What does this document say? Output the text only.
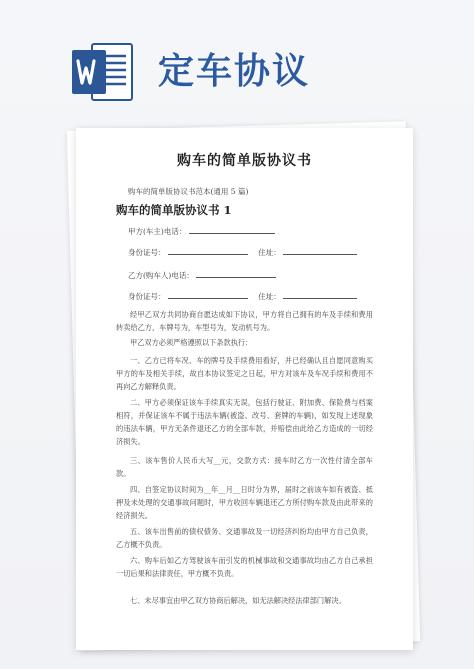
定车协议
购车的简单版协议书
购车的简单版协议书范本(通用 5 篇)
购车的简单版协议书 1
甲方(车主)电话：
身份证号：	住址：
乙方(购车人)电话：
身份证号：	住址：
经甲乙双方共同协商自愿达成如下协议，甲方将自己拥有的车及手续和费用转卖给乙方，车牌号为，车型号为，发动机号为。
甲乙双方必须严格遵照以下条款执行：
一、乙方已将车况、车的牌号及手续费用看好，并已经确认且自愿同意购买甲方的车及相关手续，故自本协议签定之日起，甲方对该车及车况手续和费用不再向乙方解释负责。
二、甲方必须保证该车手续真实无误，包括行驶证、附加费、保险费与档案相符，并保证该车不属于违法车辆(被盗、改号、套牌的车辆)，如发现上述现象的违法车辆，甲方无条件退还乙方的全部车款，并赔偿由此给乙方造成的一切经济损失。
三、该车售价人民币大写__元，交款方式：接车时乙方一次性付清全部车款。
四、自签定协议时间为__年__月__日时分为界，届时之前该车如有被盗、抵押及未处理的交通事故问题时，甲方收回车辆退还乙方所付购车款及由此带来的经济损失。
五、该车出售前的债权债务、交通事故及一切经济纠纷均由甲方自己负责，乙方概不负责。
六、购车后如乙方驾驶该车而引发的机械事故和交通事故均由乙方自己承担一切后果和法律责任，甲方概不负责。
七、未尽事宜由甲乙双方协商后解决，如无法解决经法律部门解决。
